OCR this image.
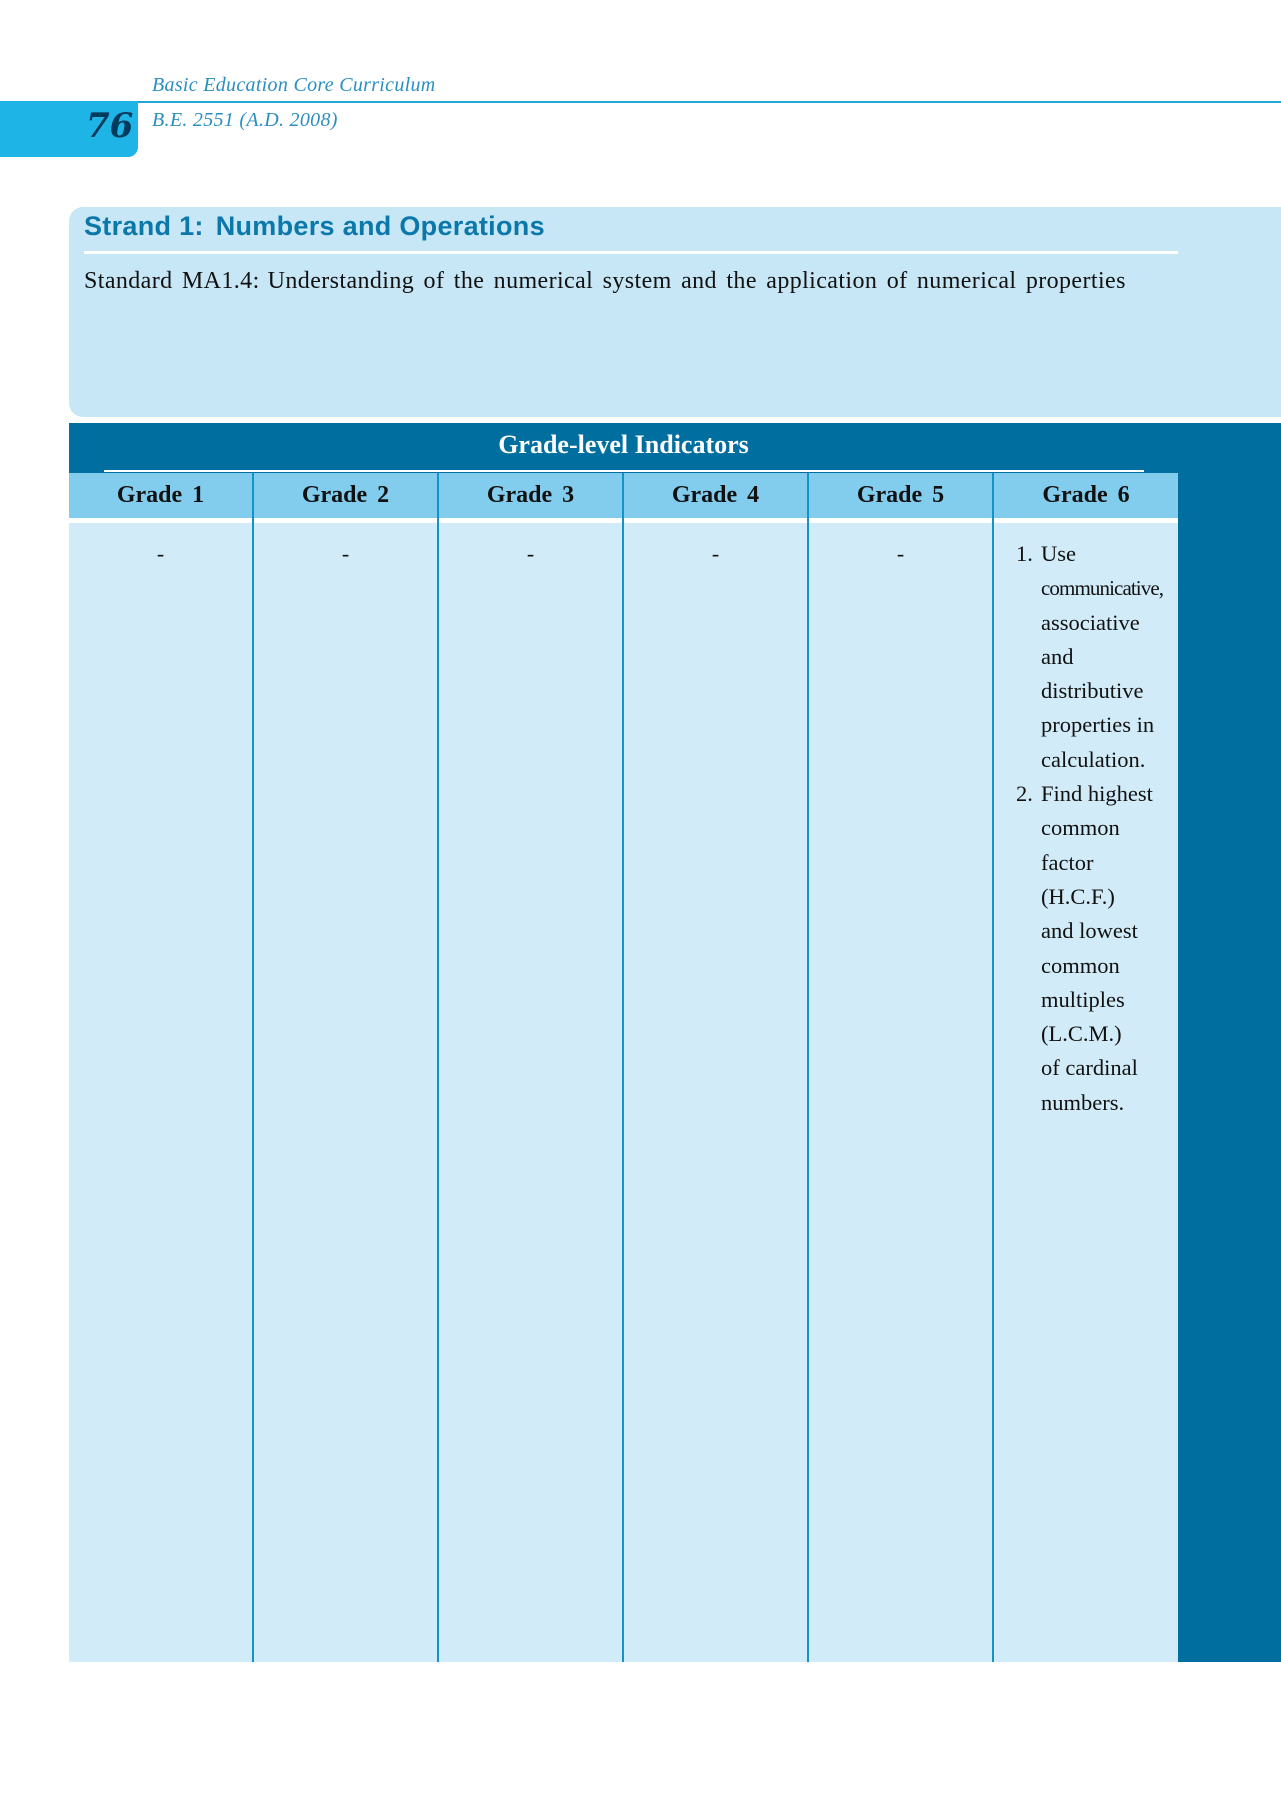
Basic Education Core Curriculum
76 B.E. 2551 (A.D. 2008)
Strand 1: Numbers and Operations
Standard MA1.4: Understanding of the numerical system and the application of numerical properties
Grade-level Indicators
Grade 1
-
Grade 2
-
Grade 3
-
Grade 4
-
Grade 5
-
Grade 6
1. Use
communicative,
associative
and
distributive
properties in
calculation.
2. Find highest
common
factor
(H.C.F.)
and lowest
common
multiples
(L.C.M.)
of cardinal
numbers.
